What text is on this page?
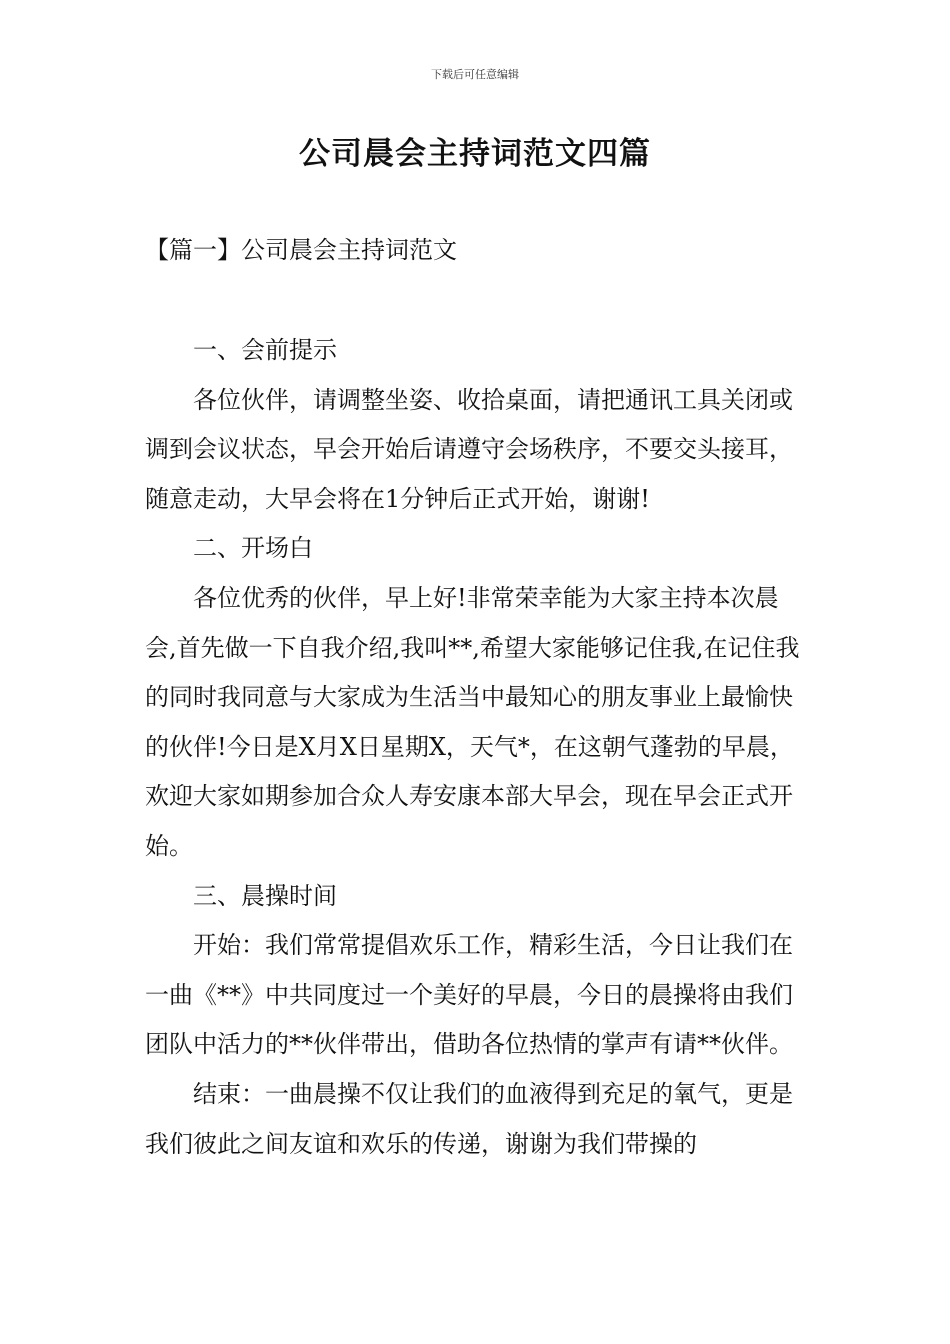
下载后可任意编辑
公司晨会主持词范文四篇
【篇一】公司晨会主持词范文

一、会前提示

各位伙伴，请调整坐姿、收拾桌面，请把通讯工具关闭或调到会议状态，早会开始后请遵守会场秩序，不要交头接耳，随意走动，大早会将在1分钟后正式开始，谢谢!

二、开场白

各位优秀的伙伴，早上好!非常荣幸能为大家主持本次晨会,首先做一下自我介绍,我叫**,希望大家能够记住我,在记住我的同时我同意与大家成为生活当中最知心的朋友事业上最愉快的伙伴!今日是X月X日星期X，天气*，在这朝气蓬勃的早晨，欢迎大家如期参加合众人寿安康本部大早会，现在早会正式开始。

三、晨操时间

开始：我们常常提倡欢乐工作，精彩生活，今日让我们在一曲《**》中共同度过一个美好的早晨，今日的晨操将由我们团队中活力的**伙伴带出，借助各位热情的掌声有请**伙伴。

结束：一曲晨操不仅让我们的血液得到充足的氧气，更是我们彼此之间友谊和欢乐的传递，谢谢为我们带操的
